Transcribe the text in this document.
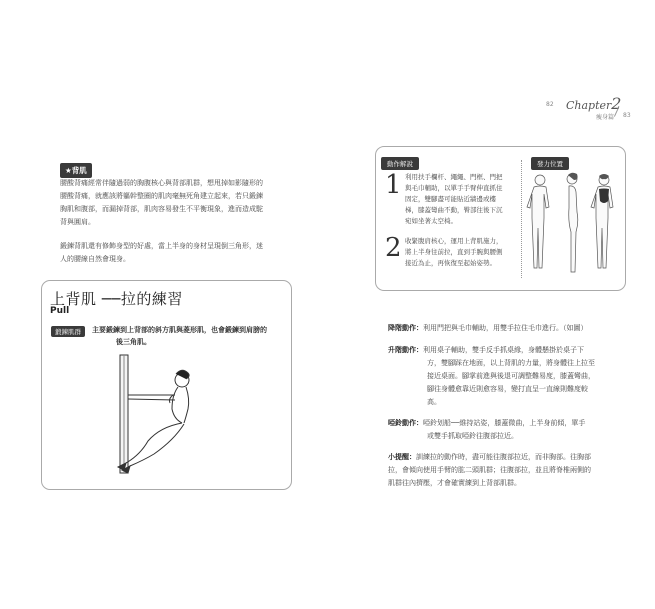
82 Chapter2
瘦身篇 83
★背肌
腰酸背痛經常伴隨過弱的胸腹核心與背部肌群，想甩掉如影隨形的
腰酸背痛，就應該將軀幹整圈的肌肉毫無死角建立起來，若只鍛鍊
胸肌和腹部，而漏掉背部，肌肉容易發生不平衡現象，進而造成駝
背與圓肩。
鍛鍊背肌還有修飾身型的好處，當上半身的身材呈現倒三角形，迷
人的腰線自然會現身。
上背肌 ──拉的練習
Pull
鍛鍊肌群	主要鍛鍊到上背部的斜方肌與菱形肌，也會鍛鍊到肩膀的
後三角肌。
動作解說	發力位置
1 利用扶手欄杆、繩繩、門框、門把
與毛巾輔助，以單手手臂伸直抓住
固定，雙腳盡可能貼近牆邊或樓
梯，膝蓋彎曲不動，臀部往後下沉
宛如坐著太空椅。
2 收緊腹肩核心，運用上背肌施力，
將上半身往前拉，直到手腕與腰側
接近為止，再恢復至起始姿勢。
降階動作：利用門把與毛巾輔助，用雙手拉住毛巾進行。（如圖）
升階動作：利用桌子輔助，雙手反手抓桌緣，身體懸掛於桌子下
方，雙腳踩在地面，以上背肌的力量，將身體往上拉至
接近桌面。腳掌前進與後退可調整難易度，膝蓋彎曲，
腳往身體愈靠近則愈容易，變打直呈一直線則難度較
高。
啞鈴動作：啞鈴划船──維持站姿，膝蓋微曲，上半身前傾，單手
或雙手抓取啞鈴往腹部拉近。
小提醒：訓練拉的動作時，盡可能往腹部拉近，而非胸部。往胸部
拉，會傾向使用手臂的肱二頭肌群；往腹部拉，並且將脊椎兩側的
肌群往內擠壓，才會確實練到上背部肌群。
